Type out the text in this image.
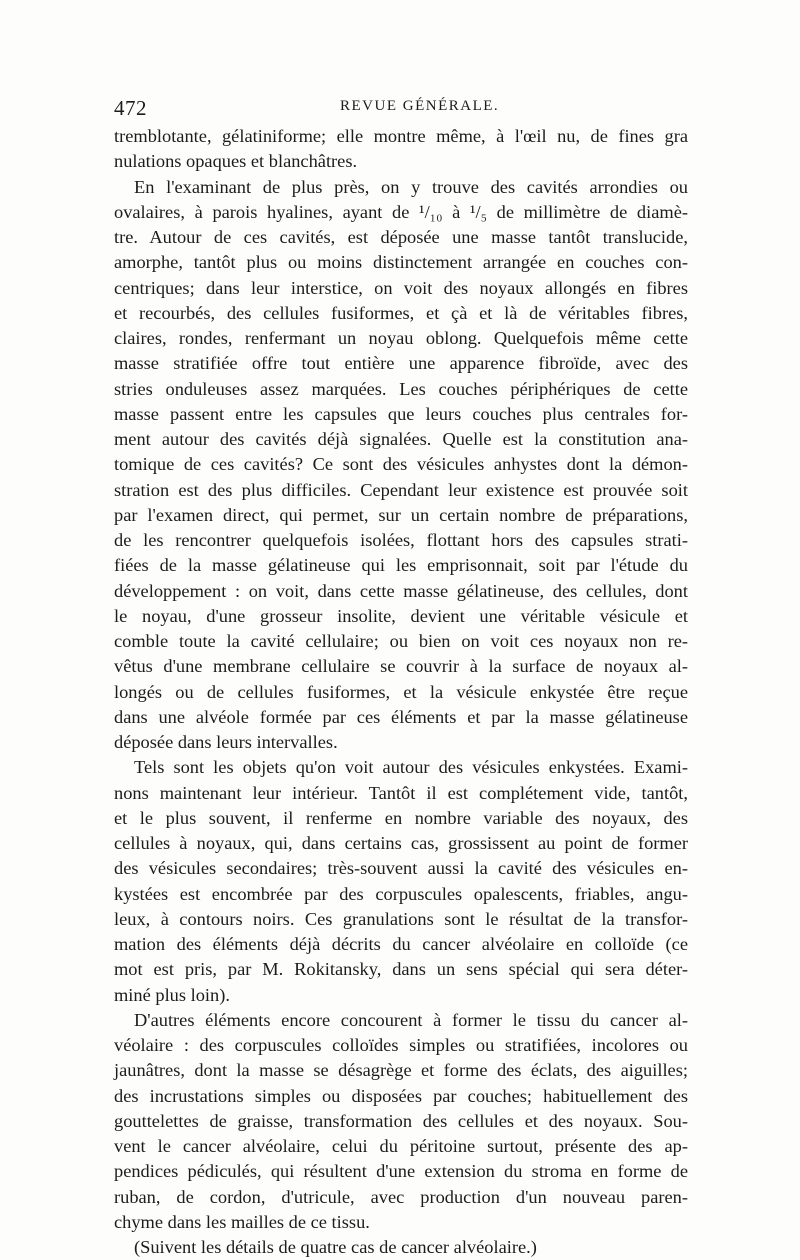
472	REVUE GÉNÉRALE.
tremblotante, gélatiniforme; elle montre même, à l'œil nu, de fines gra
nulations opaques et blanchâtres.
En l'examinant de plus près, on y trouve des cavités arrondies ou
ovalaires, à parois hyalines, ayant de ¹/₁₀ à ¹/₅ de millimètre de diamè-
tre. Autour de ces cavités, est déposée une masse tantôt translucide,
amorphe, tantôt plus ou moins distinctement arrangée en couches con-
centriques; dans leur interstice, on voit des noyaux allongés en fibres
et recourbés, des cellules fusiformes, et çà et là de véritables fibres,
claires, rondes, renfermant un noyau oblong. Quelquefois même cette
masse stratifiée offre tout entière une apparence fibroïde, avec des
stries onduleuses assez marquées. Les couches périphériques de cette
masse passent entre les capsules que leurs couches plus centrales for-
ment autour des cavités déjà signalées. Quelle est la constitution ana-
tomique de ces cavités? Ce sont des vésicules anhystes dont la démon-
stration est des plus difficiles. Cependant leur existence est prouvée soit
par l'examen direct, qui permet, sur un certain nombre de préparations,
de les rencontrer quelquefois isolées, flottant hors des capsules strati-
fiées de la masse gélatineuse qui les emprisonnait, soit par l'étude du
développement : on voit, dans cette masse gélatineuse, des cellules, dont
le noyau, d'une grosseur insolite, devient une véritable vésicule et
comble toute la cavité cellulaire; ou bien on voit ces noyaux non re-
vêtus d'une membrane cellulaire se couvrir à la surface de noyaux al-
longés ou de cellules fusiformes, et la vésicule enkystée être reçue
dans une alvéole formée par ces éléments et par la masse gélatineuse
déposée dans leurs intervalles.
Tels sont les objets qu'on voit autour des vésicules enkystées. Exami-
nons maintenant leur intérieur. Tantôt il est complétement vide, tantôt,
et le plus souvent, il renferme en nombre variable des noyaux, des
cellules à noyaux, qui, dans certains cas, grossissent au point de former
des vésicules secondaires; très-souvent aussi la cavité des vésicules en-
kystées est encombrée par des corpuscules opalescents, friables, angu-
leux, à contours noirs. Ces granulations sont le résultat de la transfor-
mation des éléments déjà décrits du cancer alvéolaire en colloïde (ce
mot est pris, par M. Rokitansky, dans un sens spécial qui sera déter-
miné plus loin).
D'autres éléments encore concourent à former le tissu du cancer al-
véolaire : des corpuscules colloïdes simples ou stratifiées, incolores ou
jaunâtres, dont la masse se désagrège et forme des éclats, des aiguilles;
des incrustations simples ou disposées par couches; habituellement des
gouttelettes de graisse, transformation des cellules et des noyaux. Sou-
vent le cancer alvéolaire, celui du péritoine surtout, présente des ap-
pendices pédiculés, qui résultent d'une extension du stroma en forme de
ruban, de cordon, d'utricule, avec production d'un nouveau paren-
chyme dans les mailles de ce tissu.
(Suivent les détails de quatre cas de cancer alvéolaire.)
